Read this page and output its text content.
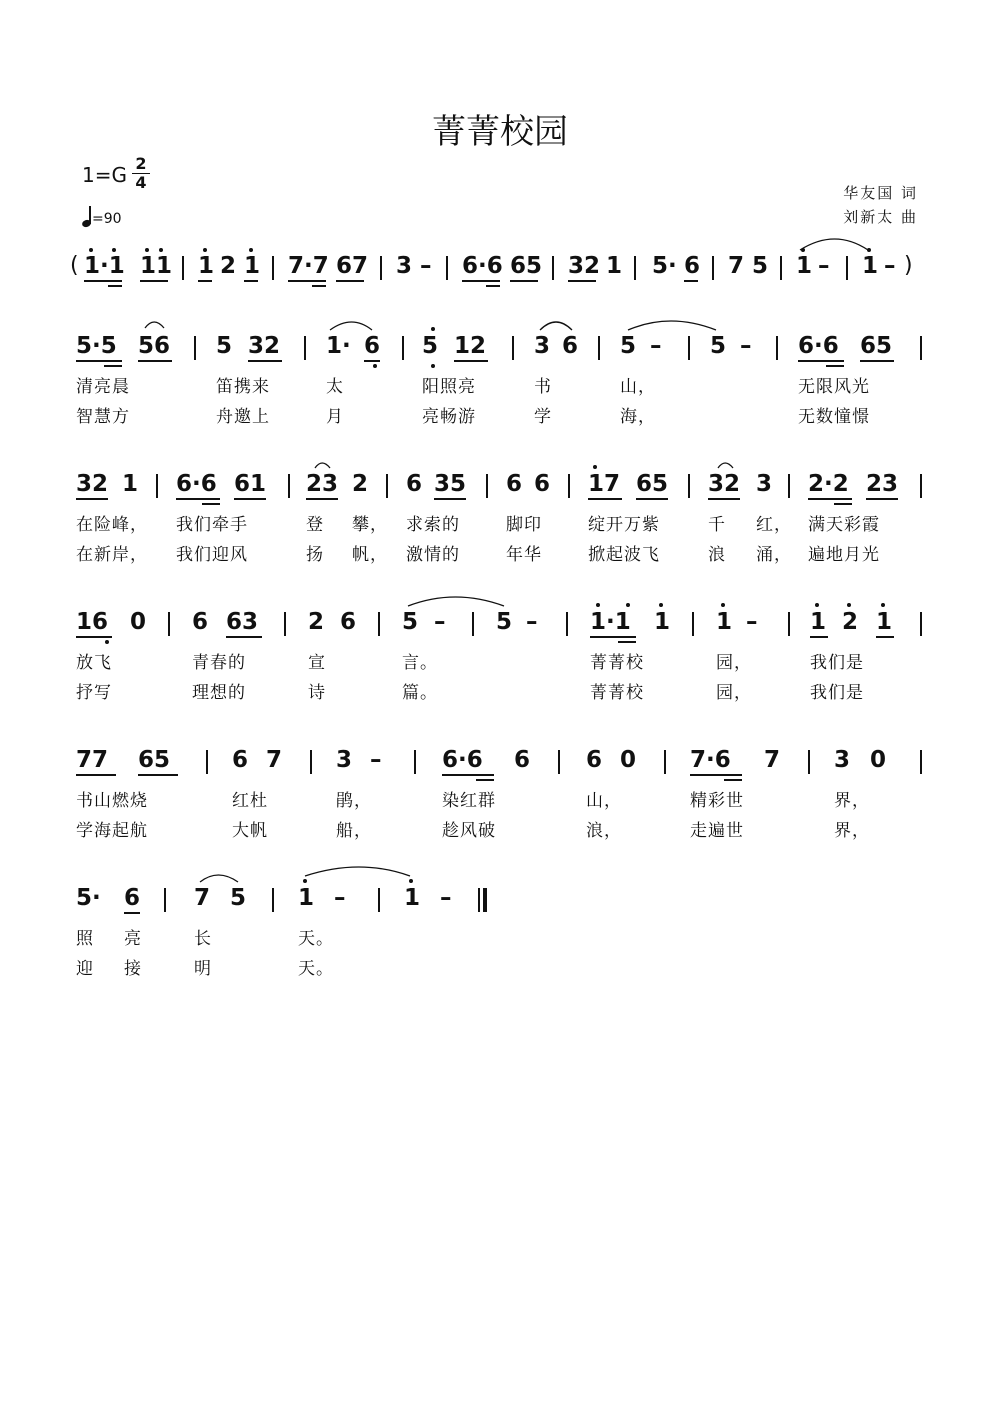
菁菁校园
1=G 2
4
=90
华友国 词
刘新太 曲
( 1·1 11 1 2 1 7·7 67 3 – 6·6 65 32 1 5· 6 7 5 1 – 1 – )
5·5 56 5 32 1· 6 5 12 3 6 5 – 5 – 6·6 65
清亮晨	笛携来	太	阳照亮	书	山，	无限风光
智慧方	舟邀上	月	亮畅游	学	海，	无数憧憬
32 1 6·6 61 23 2 6 35 6 6 17 65 32 3 2·2 23
在险峰， 我们牵手	登 攀， 求索的	脚印	绽开万紫	千 红， 满天彩霞
在新岸， 我们迎风	扬 帆， 激情的	年华	掀起波飞	浪 涌， 遍地月光
16 0 6 63 2 6 5 – 5 – 1·1 1 1 – 1 2 1
放飞	青春的	宣	言。	菁菁校	园，	我们是
抒写	理想的	诗	篇。	菁菁校	园，	我们是
77 65	6 7 3 –	6·6 6 6 0 7·6 7 3 0
书山燃烧	红杜	鹃，	染红群	山，	精彩世	界，
学海起航	大帆	船，	趁风破	浪，	走遍世	界，
5· 6 7 5 1 –	1 –
照 亮	长	天。
迎 接	明	天。
